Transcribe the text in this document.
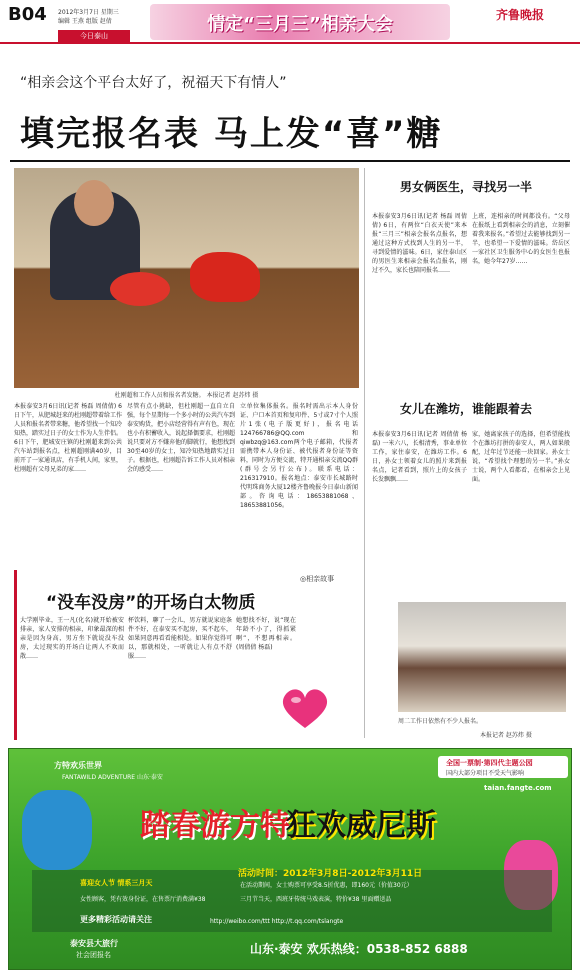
B04 2012年3月7日 星期三
编辑 王燕 组版 赵倩
今日泰山
情定“三月三”相亲大会	齐鲁晚报
“相亲会这个平台太好了，祝福天下有情人”
填完报名表 马上发“喜”糖
杜刚超和工作人员和报名者发糖。 本报记者 赵苏炜 摄
本报泰安3月6日讯(记者 杨磊 周倩倩) 6日下午，从肥城赶来的杜刚超带着给工作人员和报名者带来糖，他希望找一个知冷知热，踏实过日子的女士作为人生伴侣。6日下午，肥城安庄镇的杜刚超来到公共汽车站到报名点，杜刚超刚满40岁，目前开了一家通讯店，有手机人间，家里，杜刚超有父母兄弟的家……
尽管有点小挑缺，但杜刚超一直自立自强，每个星期每一个多小时的公共汽车到泰安购货，把小店经营得有声有色，现在也小有积蓄收入，说起择偶要求，杜刚超说只要对方不嫌弃他的脚就行，他想找到30至40岁的女士，知冷知热地踏实过日子。根据也，杜刚超告诉工作人员对相亲会的感受……
立单位集体报名。报名时需出示本人身份证、户口本首页和复印件、5寸或7寸个人照片1张(电子版更好)，报名电话124766786@QQ.com和qiwbzq@163.com两个电子邮箱，代报者需携带本人身份证、被代报者身份证等资料，同时为方便交流，特开通相亲交流QQ群(群号会另行公布)。联系电话：216317910。报名地点：泰安市长城路时代明珠商务大厦12楼齐鲁晚报今日泰山新闻部。咨询电话：18653881068、18653881056。
◎相亲故事
“没车没房”的开场白太物质
大学刚毕业，王一凡(化名)就开始被安排亲，家人安排的相亲，印象最深的相亲是因为身高，男方坐下就说没车没房，太过现实的开场白让两人不欢而散……
杯饮料，聊了一会儿，男方就说家庭条件不好，在泰安买不起房，买不起车，如果同意再看看能相处。如果你觉得可以，那就相处，一听就让人有点不舒服……
她想找不好，说“现在年龄不小了，得抓紧啊”，不想再相亲。 (周倩倩 杨磊)
男女俩医生，寻找另一半
本报泰安3月6日讯(记者 杨磊 周倩倩) 6日，有两位“白衣天使”来本报“三月三”相亲会报名点报名，想通过这种方式找到人生的另一半，寻到爱情的滋味。6日，家住泰山区的男医生来相亲会报名点报名，刚过不久，家长也陪同报名……
上班，连相亲的时间都没有。“父母在报纸上看到相亲会的消息，立刻催着我来报名。”希望过去能够找到另一半，也希望一下爱情的滋味。岱岳区一家社区卫生服务中心的女医生也报名，她今年27岁……
女儿在潍坊，谁能跟着去
本报泰安3月6日讯(记者 周倩倩 杨磊) 一米六八，长相清秀，事业单位工作，家住泰安，在潍坊工作。6日，孙女士领着女儿的照片来到报名点，记者看到，照片上的女孩子长发飘飘……
家，她离家孩子的选择，但希望能找个在潍坊打拼的泰安人，两人如果般配，过年过节还能一块回家。孙女士说，“希望找个理想的另一半。”孙女士说，两个人看都看，在相亲会上见面。
周二工作日依然有不少人报名。
本报记者 赵苏炜 摄
方特欢乐世界
FANTAWILD ADVENTURE 山东·泰安
全国一票制·第四代主题公园
国内大部分项目不受天气影响
taian.fangte.com
踏春游方特
狂欢威尼斯
活动时间：2012年3月8日-2012年3月11日
喜迎女人节 情系三月天	在活动期间，女士购票可享受8.5折优惠，即160元（价值30元）
女性顾客，凭有效身份证，在售票厅消费满¥38	三月节当天，西班牙传统马戏表演，特价¥38 里面赠送品
更多精彩活动请关注	http://weibo.com/ttt http://t.qq.com/tslangte
泰安县大旅行
社会团报名	山东·泰安 欢乐热线：0538-852 6888
